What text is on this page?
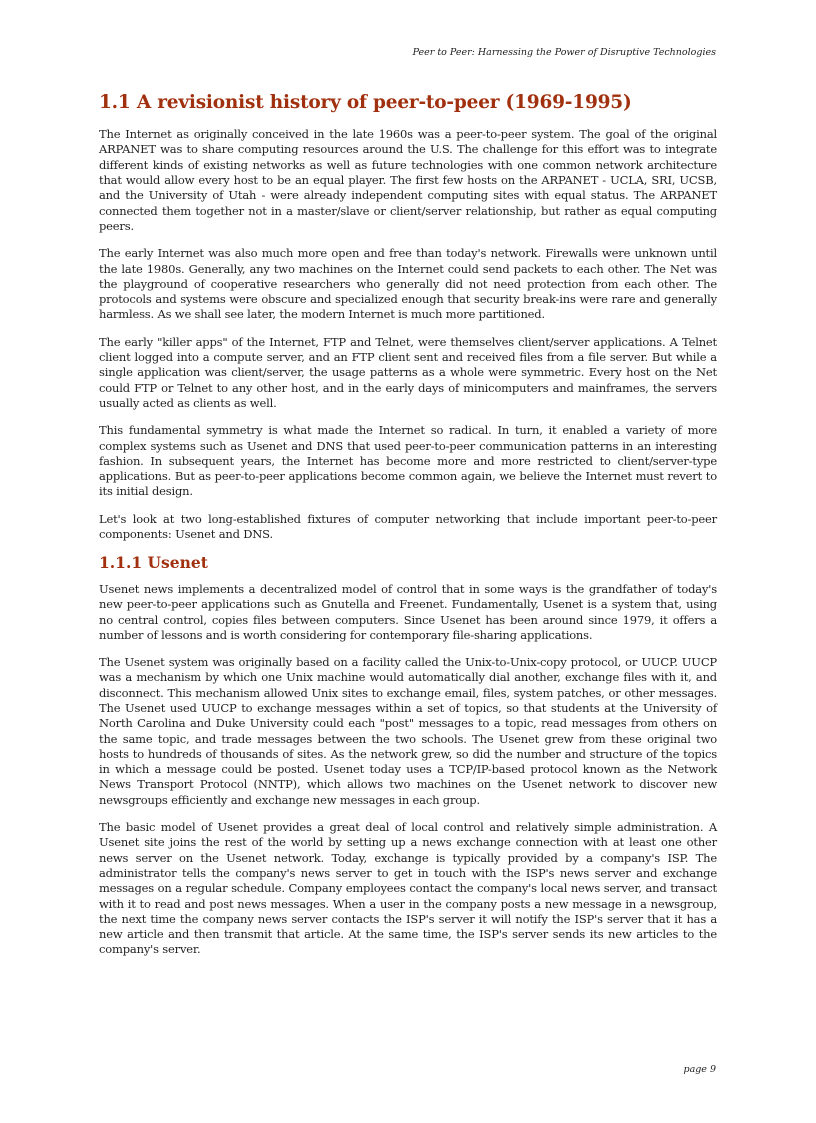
Peer to Peer: Harnessing the Power of Disruptive Technologies
1.1 A revisionist history of peer-to-peer (1969-1995)

The Internet as originally conceived in the late 1960s was a peer-to-peer system. The goal of the original ARPANET was to share computing resources around the U.S. The challenge for this effort was to integrate different kinds of existing networks as well as future technologies with one common network architecture that would allow every host to be an equal player. The first few hosts on the ARPANET - UCLA, SRI, UCSB, and the University of Utah - were already independent computing sites with equal status. The ARPANET connected them together not in a master/slave or client/server relationship, but rather as equal computing peers.

The early Internet was also much more open and free than today's network. Firewalls were unknown until the late 1980s. Generally, any two machines on the Internet could send packets to each other. The Net was the playground of cooperative researchers who generally did not need protection from each other. The protocols and systems were obscure and specialized enough that security break-ins were rare and generally harmless. As we shall see later, the modern Internet is much more partitioned.

The early "killer apps" of the Internet, FTP and Telnet, were themselves client/server applications. A Telnet client logged into a compute server, and an FTP client sent and received files from a file server. But while a single application was client/server, the usage patterns as a whole were symmetric. Every host on the Net could FTP or Telnet to any other host, and in the early days of minicomputers and mainframes, the servers usually acted as clients as well.

This fundamental symmetry is what made the Internet so radical. In turn, it enabled a variety of more complex systems such as Usenet and DNS that used peer-to-peer communication patterns in an interesting fashion. In subsequent years, the Internet has become more and more restricted to client/server-type applications. But as peer-to-peer applications become common again, we believe the Internet must revert to its initial design.

Let's look at two long-established fixtures of computer networking that include important peer-to-peer components: Usenet and DNS.

1.1.1 Usenet

Usenet news implements a decentralized model of control that in some ways is the grandfather of today's new peer-to-peer applications such as Gnutella and Freenet. Fundamentally, Usenet is a system that, using no central control, copies files between computers. Since Usenet has been around since 1979, it offers a number of lessons and is worth considering for contemporary file-sharing applications.

The Usenet system was originally based on a facility called the Unix-to-Unix-copy protocol, or UUCP. UUCP was a mechanism by which one Unix machine would automatically dial another, exchange files with it, and disconnect. This mechanism allowed Unix sites to exchange email, files, system patches, or other messages. The Usenet used UUCP to exchange messages within a set of topics, so that students at the University of North Carolina and Duke University could each "post" messages to a topic, read messages from others on the same topic, and trade messages between the two schools. The Usenet grew from these original two hosts to hundreds of thousands of sites. As the network grew, so did the number and structure of the topics in which a message could be posted. Usenet today uses a TCP/IP-based protocol known as the Network News Transport Protocol (NNTP), which allows two machines on the Usenet network to discover new newsgroups efficiently and exchange new messages in each group.

The basic model of Usenet provides a great deal of local control and relatively simple administration. A Usenet site joins the rest of the world by setting up a news exchange connection with at least one other news server on the Usenet network. Today, exchange is typically provided by a company's ISP. The administrator tells the company's news server to get in touch with the ISP's news server and exchange messages on a regular schedule. Company employees contact the company's local news server, and transact with it to read and post news messages. When a user in the company posts a new message in a newsgroup, the next time the company news server contacts the ISP's server it will notify the ISP's server that it has a new article and then transmit that article. At the same time, the ISP's server sends its new articles to the company's server.

page 9
